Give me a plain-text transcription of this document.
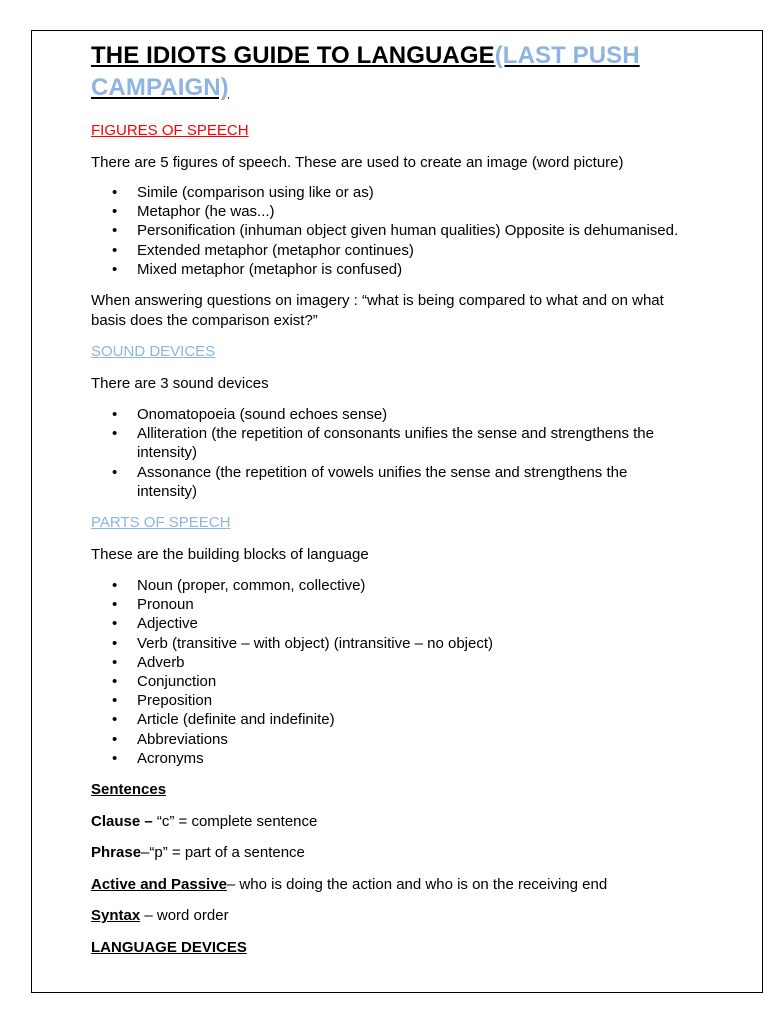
THE IDIOTS GUIDE TO LANGUAGE(LAST PUSH CAMPAIGN)
FIGURES OF SPEECH

There are 5 figures of speech. These are used to create an image (word picture)

• Simile (comparison using like or as)
• Metaphor (he was...)
• Personification (inhuman object given human qualities) Opposite is dehumanised.
• Extended metaphor (metaphor continues)
• Mixed metaphor (metaphor is confused)

When answering questions on imagery : “what is being compared to what and on what basis does the comparison exist?”

SOUND DEVICES

There are 3 sound devices

• Onomatopoeia (sound echoes sense)
• Alliteration (the repetition of consonants unifies the sense and strengthens the intensity)
• Assonance (the repetition of vowels unifies the sense and strengthens the intensity)
PARTS OF SPEECH

These are the building blocks of language

• Noun (proper, common, collective)
• Pronoun
• Adjective
• Verb (transitive – with object) (intransitive – no object)
• Adverb
• Conjunction
• Preposition
• Article (definite and indefinite)
• Abbreviations
• Acronyms

Sentences

Clause – “c” = complete sentence

Phrase–“p” = part of a sentence

Active and Passive– who is doing the action and who is on the receiving end

Syntax – word order

LANGUAGE DEVICES
